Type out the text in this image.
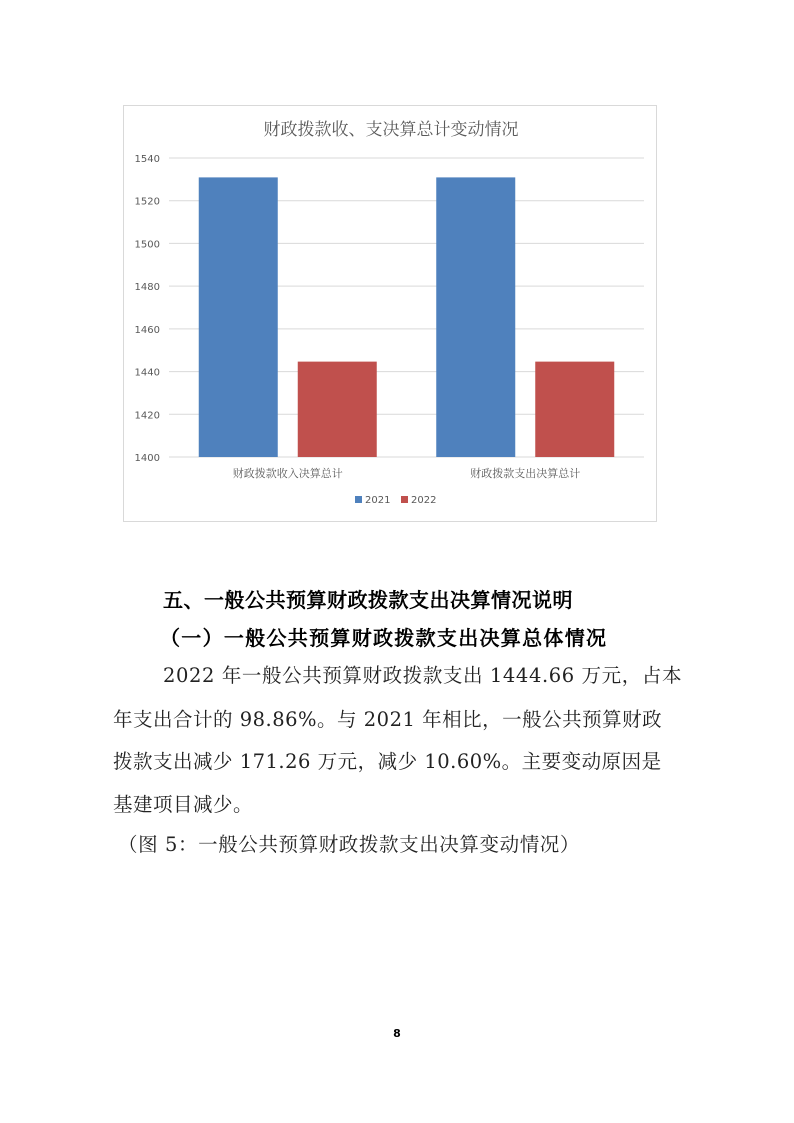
财政拨款收、支决算总计变动情况
1400
1420
1440
1460
1480
1500
1520
1540
财政拨款收入决算总计	财政拨款支出决算总计
2021 2022
五、一般公共预算财政拨款支出决算情况说明
（一）一般公共预算财政拨款支出决算总体情况
2022 年一般公共预算财政拨款支出 1444.66 万元，占本
年支出合计的 98.86%。与 2021 年相比，一般公共预算财政
拨款支出减少 171.26 万元，减少 10.60%。主要变动原因是
基建项目减少。
（图 5：一般公共预算财政拨款支出决算变动情况）
8
